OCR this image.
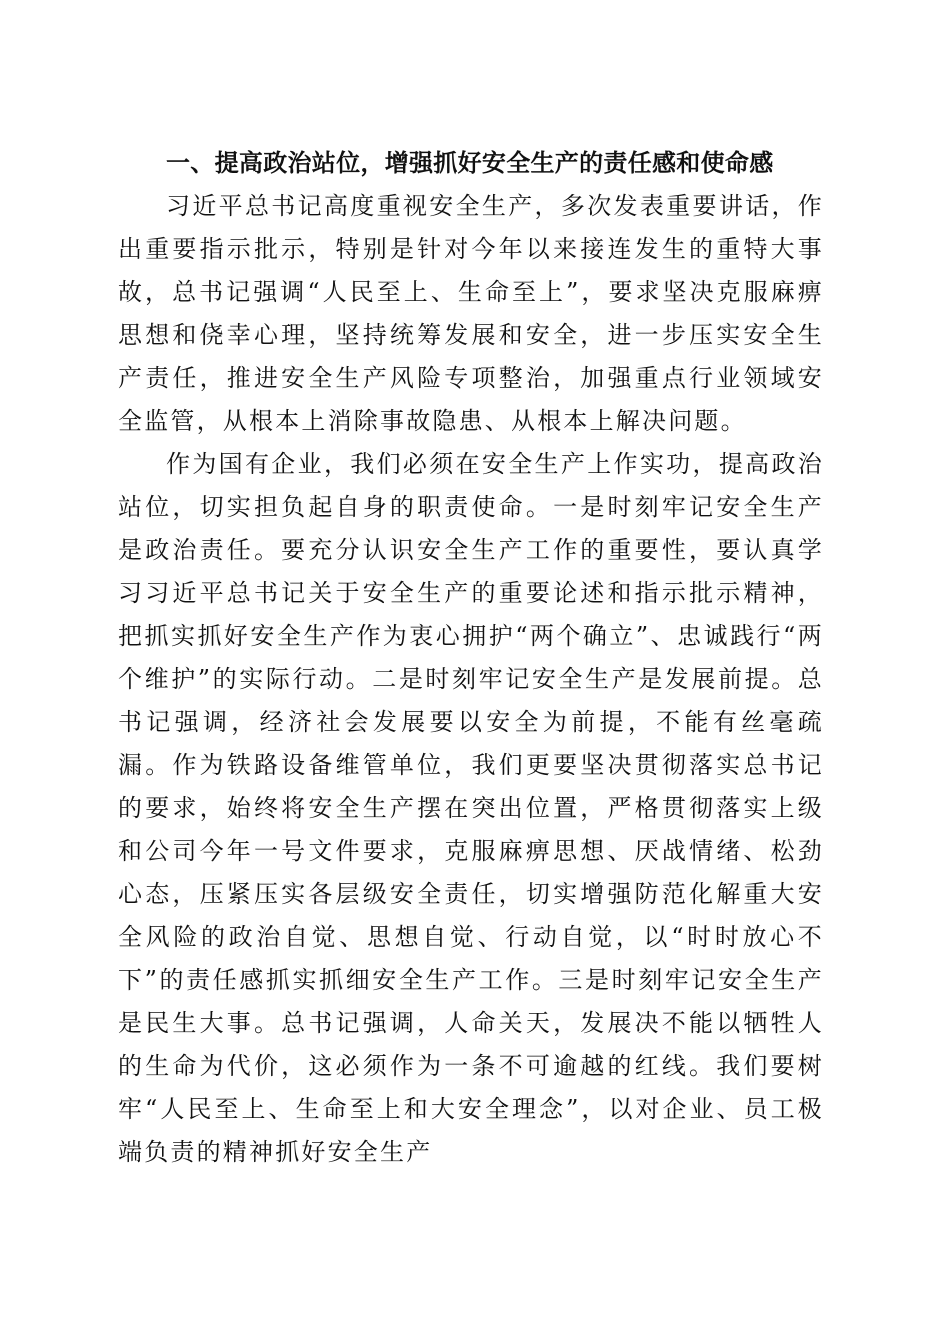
一、提高政治站位，增强抓好安全生产的责任感和使命感

习近平总书记高度重视安全生产，多次发表重要讲话，作出重要指示批示，特别是针对今年以来接连发生的重特大事故，总书记强调“人民至上、生命至上”，要求坚决克服麻痹思想和侥幸心理，坚持统筹发展和安全，进一步压实安全生产责任，推进安全生产风险专项整治，加强重点行业领域安全监管，从根本上消除事故隐患、从根本上解决问题。

作为国有企业，我们必须在安全生产上作实功，提高政治站位，切实担负起自身的职责使命。一是时刻牢记安全生产是政治责任。要充分认识安全生产工作的重要性，要认真学习习近平总书记关于安全生产的重要论述和指示批示精神，把抓实抓好安全生产作为衷心拥护“两个确立”、忠诚践行“两个维护”的实际行动。二是时刻牢记安全生产是发展前提。总书记强调，经济社会发展要以安全为前提，不能有丝毫疏漏。作为铁路设备维管单位，我们更要坚决贯彻落实总书记的要求，始终将安全生产摆在突出位置，严格贯彻落实上级和公司今年一号文件要求，克服麻痹思想、厌战情绪、松劲心态，压紧压实各层级安全责任，切实增强防范化解重大安全风险的政治自觉、思想自觉、行动自觉，以“时时放心不下”的责任感抓实抓细安全生产工作。三是时刻牢记安全生产是民生大事。总书记强调，人命关天，发展决不能以牺牲人的生命为代价，这必须作为一条不可逾越的红线。我们要树牢“人民至上、生命至上和大安全理念”，以对企业、员工极端负责的精神抓好安全生产
